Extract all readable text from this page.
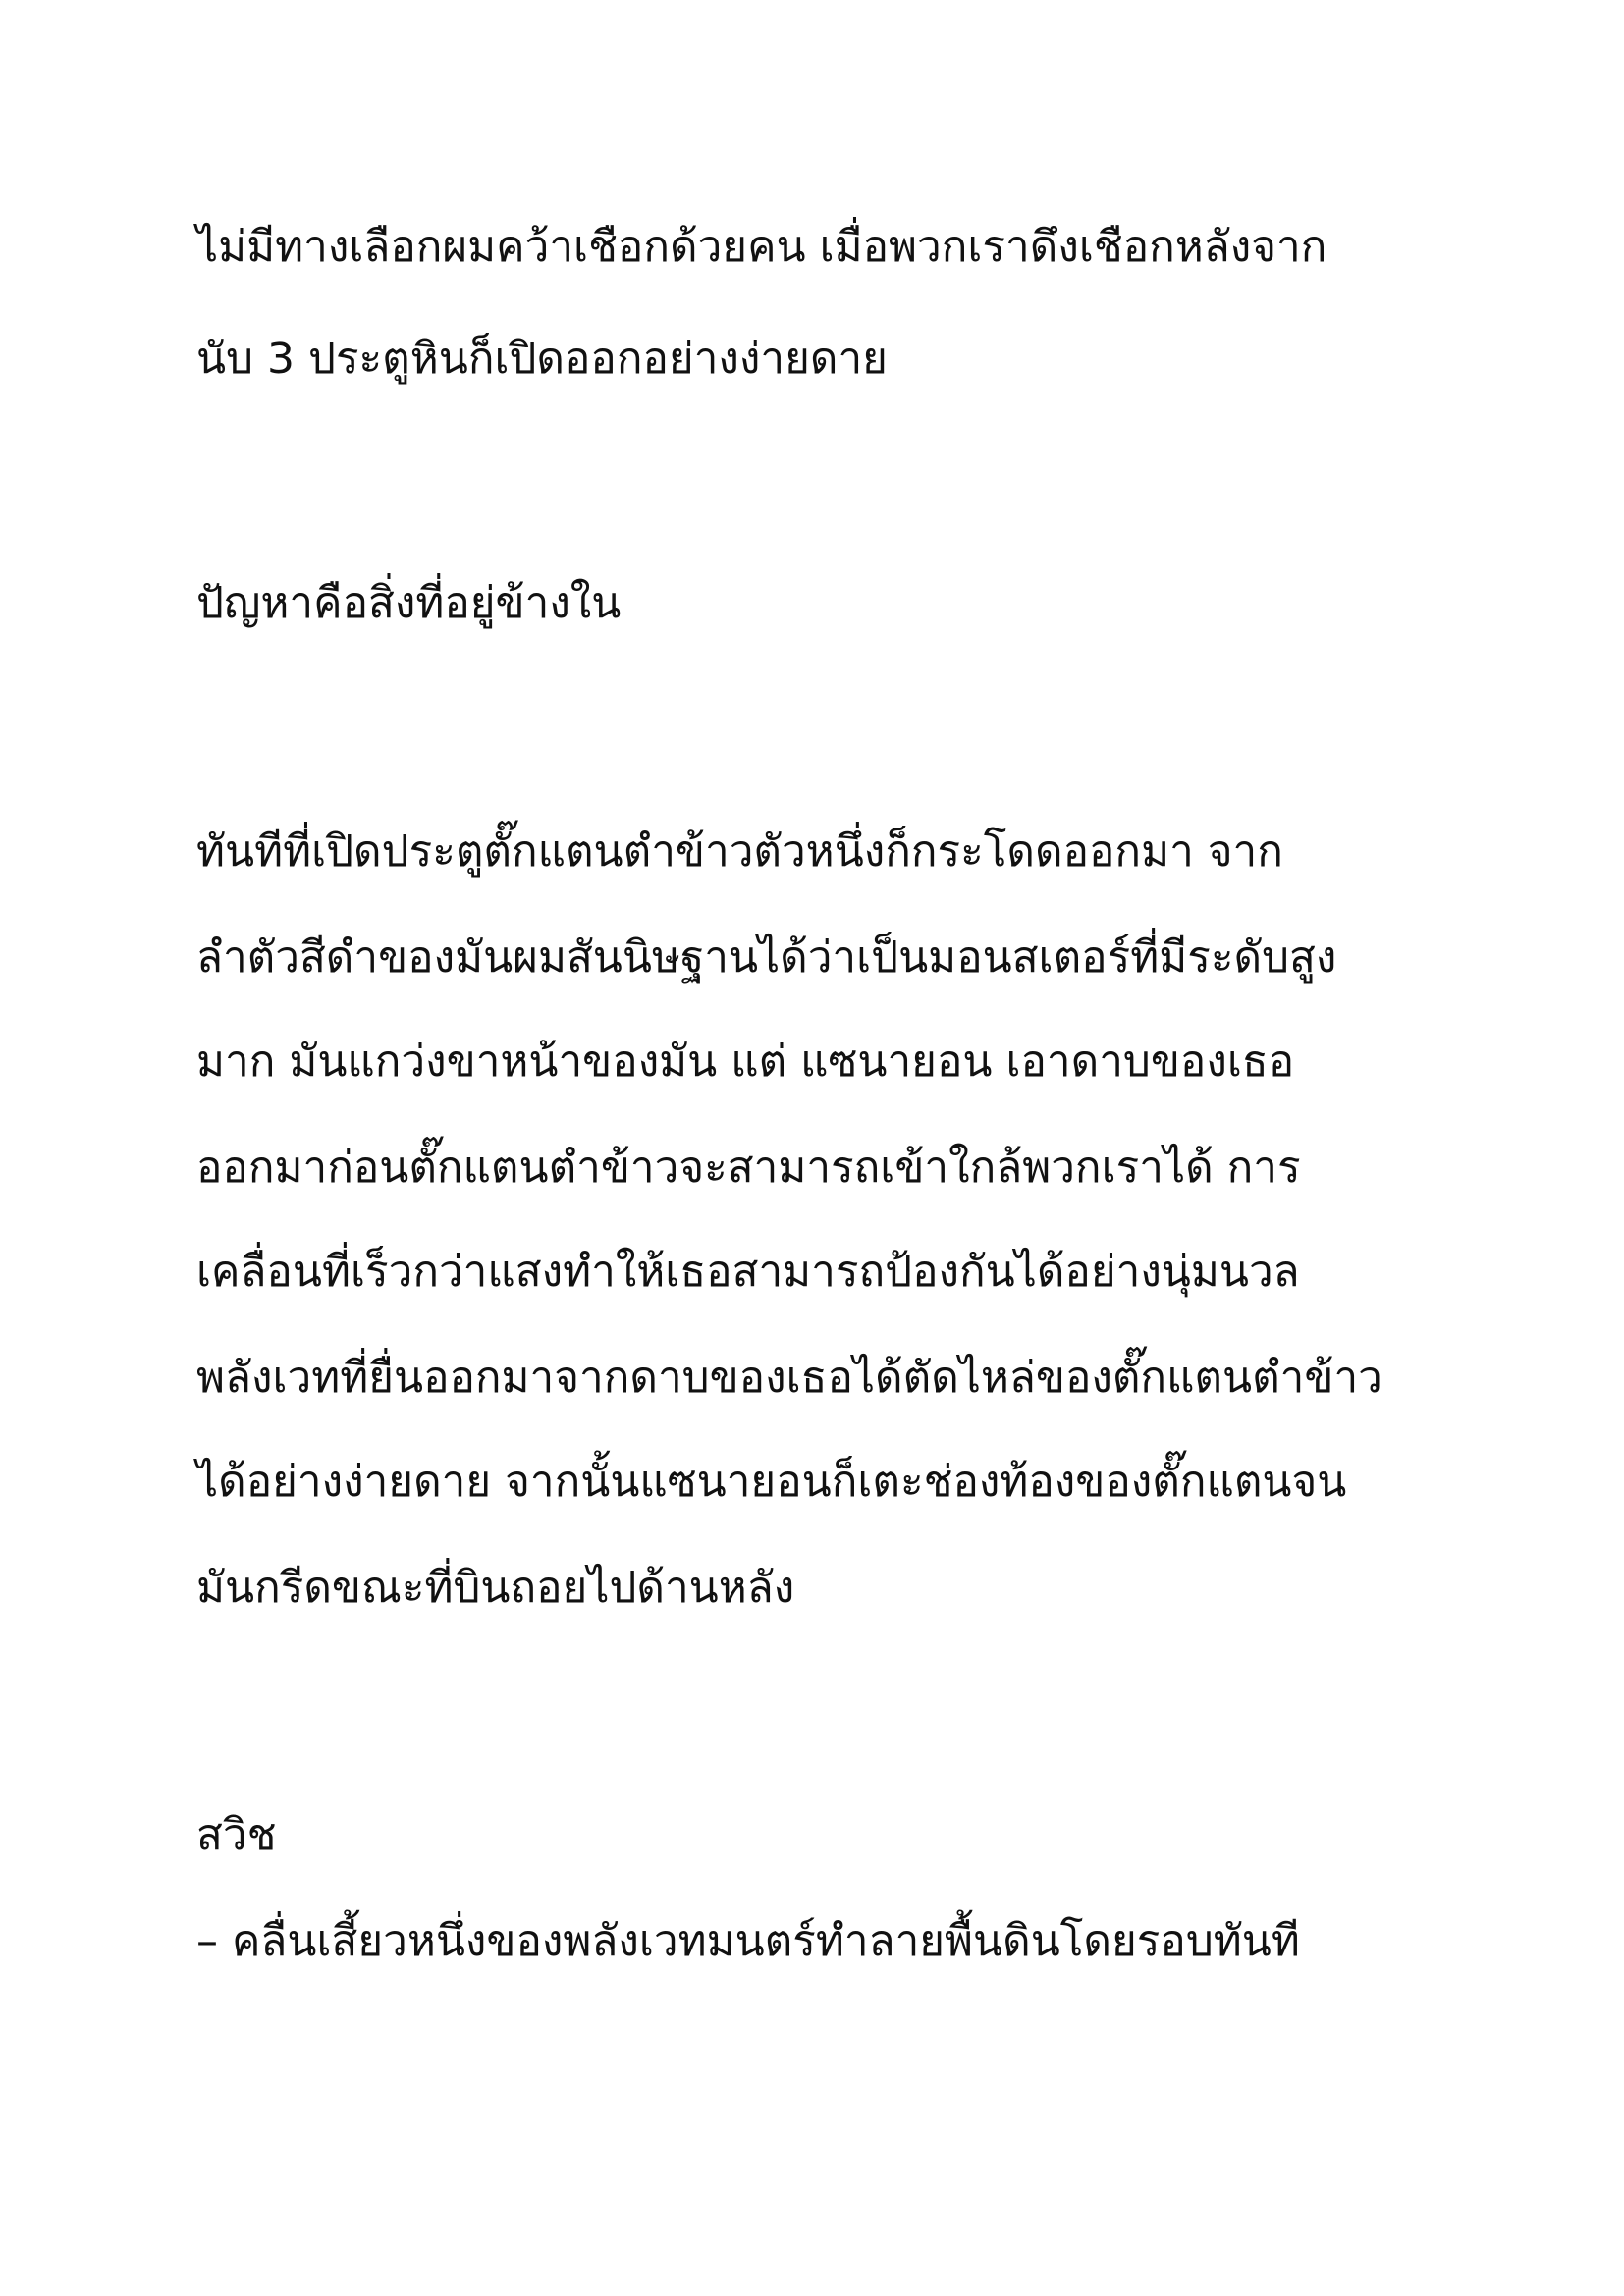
ไม่มีทางเลือกผมคว้าเชือกด้วยคน เมื่อพวกเราดึงเชือกหลังจาก

นับ 3 ประตูหินก็เปิดออกอย่างง่ายดาย

ปัญหาคือสิ่งที่อยู่ข้างใน

ทันทีที่เปิดประตูตั๊กแตนตำข้าวตัวหนึ่งก็กระโดดออกมา จาก

ลำตัวสีดำของมันผมสันนิษฐานได้ว่าเป็นมอนสเตอร์ที่มีระดับสูง

มาก มันแกว่งขาหน้าของมัน แต่ แซนายอน เอาดาบของเธอ

ออกมาก่อนตั๊กแตนตำข้าวจะสามารถเข้าใกล้พวกเราได้ การ

เคลื่อนที่เร็วกว่าแสงทำให้เธอสามารถป้องกันได้อย่างนุ่มนวล

พลังเวทที่ยื่นออกมาจากดาบของเธอได้ตัดไหล่ของตั๊กแตนตำข้าว

ได้อย่างง่ายดาย จากนั้นแซนายอนก็เตะช่องท้องของตั๊กแตนจน

มันกรีดขณะที่บินถอยไปด้านหลัง

สวิช

– คลื่นเสี้ยวหนึ่งของพลังเวทมนตร์ทำลายพื้นดินโดยรอบทันที
